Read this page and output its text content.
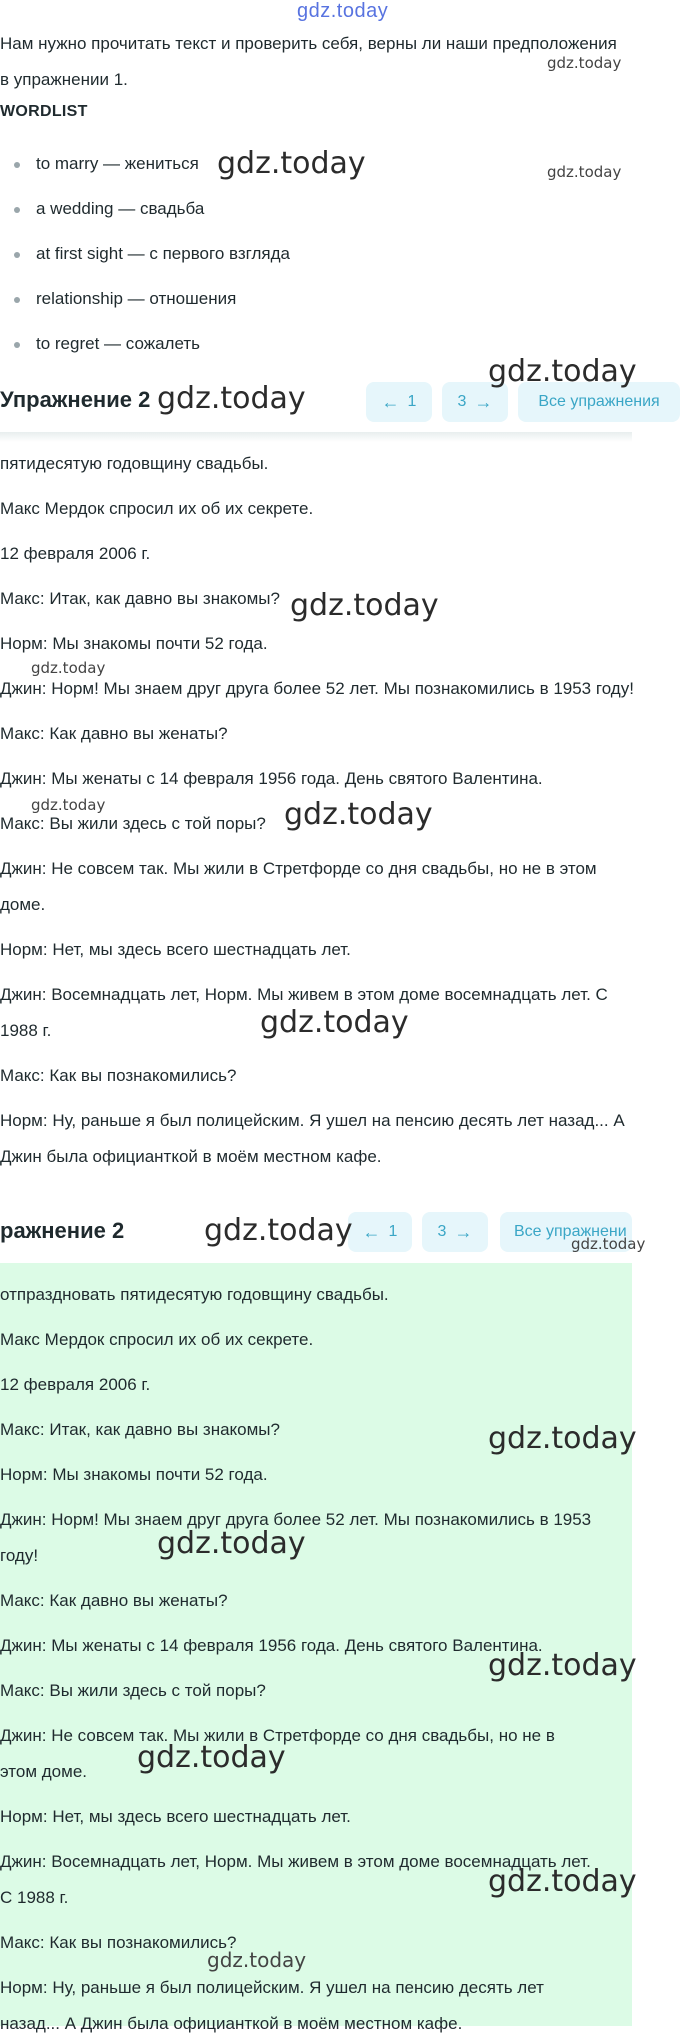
gdz.today

Нам нужно прочитать текст и проверить себя, верны ли наши предположения

в упражнении 1.

WORDLIST
to marry — жениться
a wedding — свадьба
at first sight — с первого взгляда
relationship — отношения
to regret — сожалеть
Упражнение 2	← 1	3 →	Все упражнения

пятидесятую годовщину свадьбы.

Макс Мердок спросил их об их секрете.

12 февраля 2006 г.

Макс: Итак, как давно вы знакомы?

Норм: Мы знакомы почти 52 года.

Джин: Норм! Мы знаем друг друга более 52 лет. Мы познакомились в 1953 году!

Макс: Как давно вы женаты?

Джин: Мы женаты с 14 февраля 1956 года. День святого Валентина.

Макс: Вы жили здесь с той поры?

Джин: Не совсем так. Мы жили в Стретфорде со дня свадьбы, но не в этом

доме.

Норм: Нет, мы здесь всего шестнадцать лет.

Джин: Восемнадцать лет, Норм. Мы живем в этом доме восемнадцать лет. С

1988 г.

Макс: Как вы познакомились?

Норм: Ну, раньше я был полицейским. Я ушел на пенсию десять лет назад... А

Джин была официанткой в моём местном кафе.

ражнение 2	← 1	3 →	Все упражнени

отпраздновать пятидесятую годовщину свадьбы.

Макс Мердок спросил их об их секрете.

12 февраля 2006 г.

Макс: Итак, как давно вы знакомы?

Норм: Мы знакомы почти 52 года.

Джин: Норм! Мы знаем друг друга более 52 лет. Мы познакомились в 1953

году!

Макс: Как давно вы женаты?

Джин: Мы женаты с 14 февраля 1956 года. День святого Валентина.

Макс: Вы жили здесь с той поры?

Джин: Не совсем так. Мы жили в Стретфорде со дня свадьбы, но не в

этом доме.

Норм: Нет, мы здесь всего шестнадцать лет.

Джин: Восемнадцать лет, Норм. Мы живем в этом доме восемнадцать лет.

С 1988 г.

Макс: Как вы познакомились?

Норм: Ну, раньше я был полицейским. Я ушел на пенсию десять лет

назад... А Джин была официанткой в моём местном кафе.

gdz.today
gdz.today	gdz.today
gdz.today
gdz.today
gdz.today
gdz.today
gdz.today	gdz.today
gdz.today
gdz.today	gdz.today
gdz.today
gdz.today
gdz.today
gdz.today
gdz.today
gdz.today
